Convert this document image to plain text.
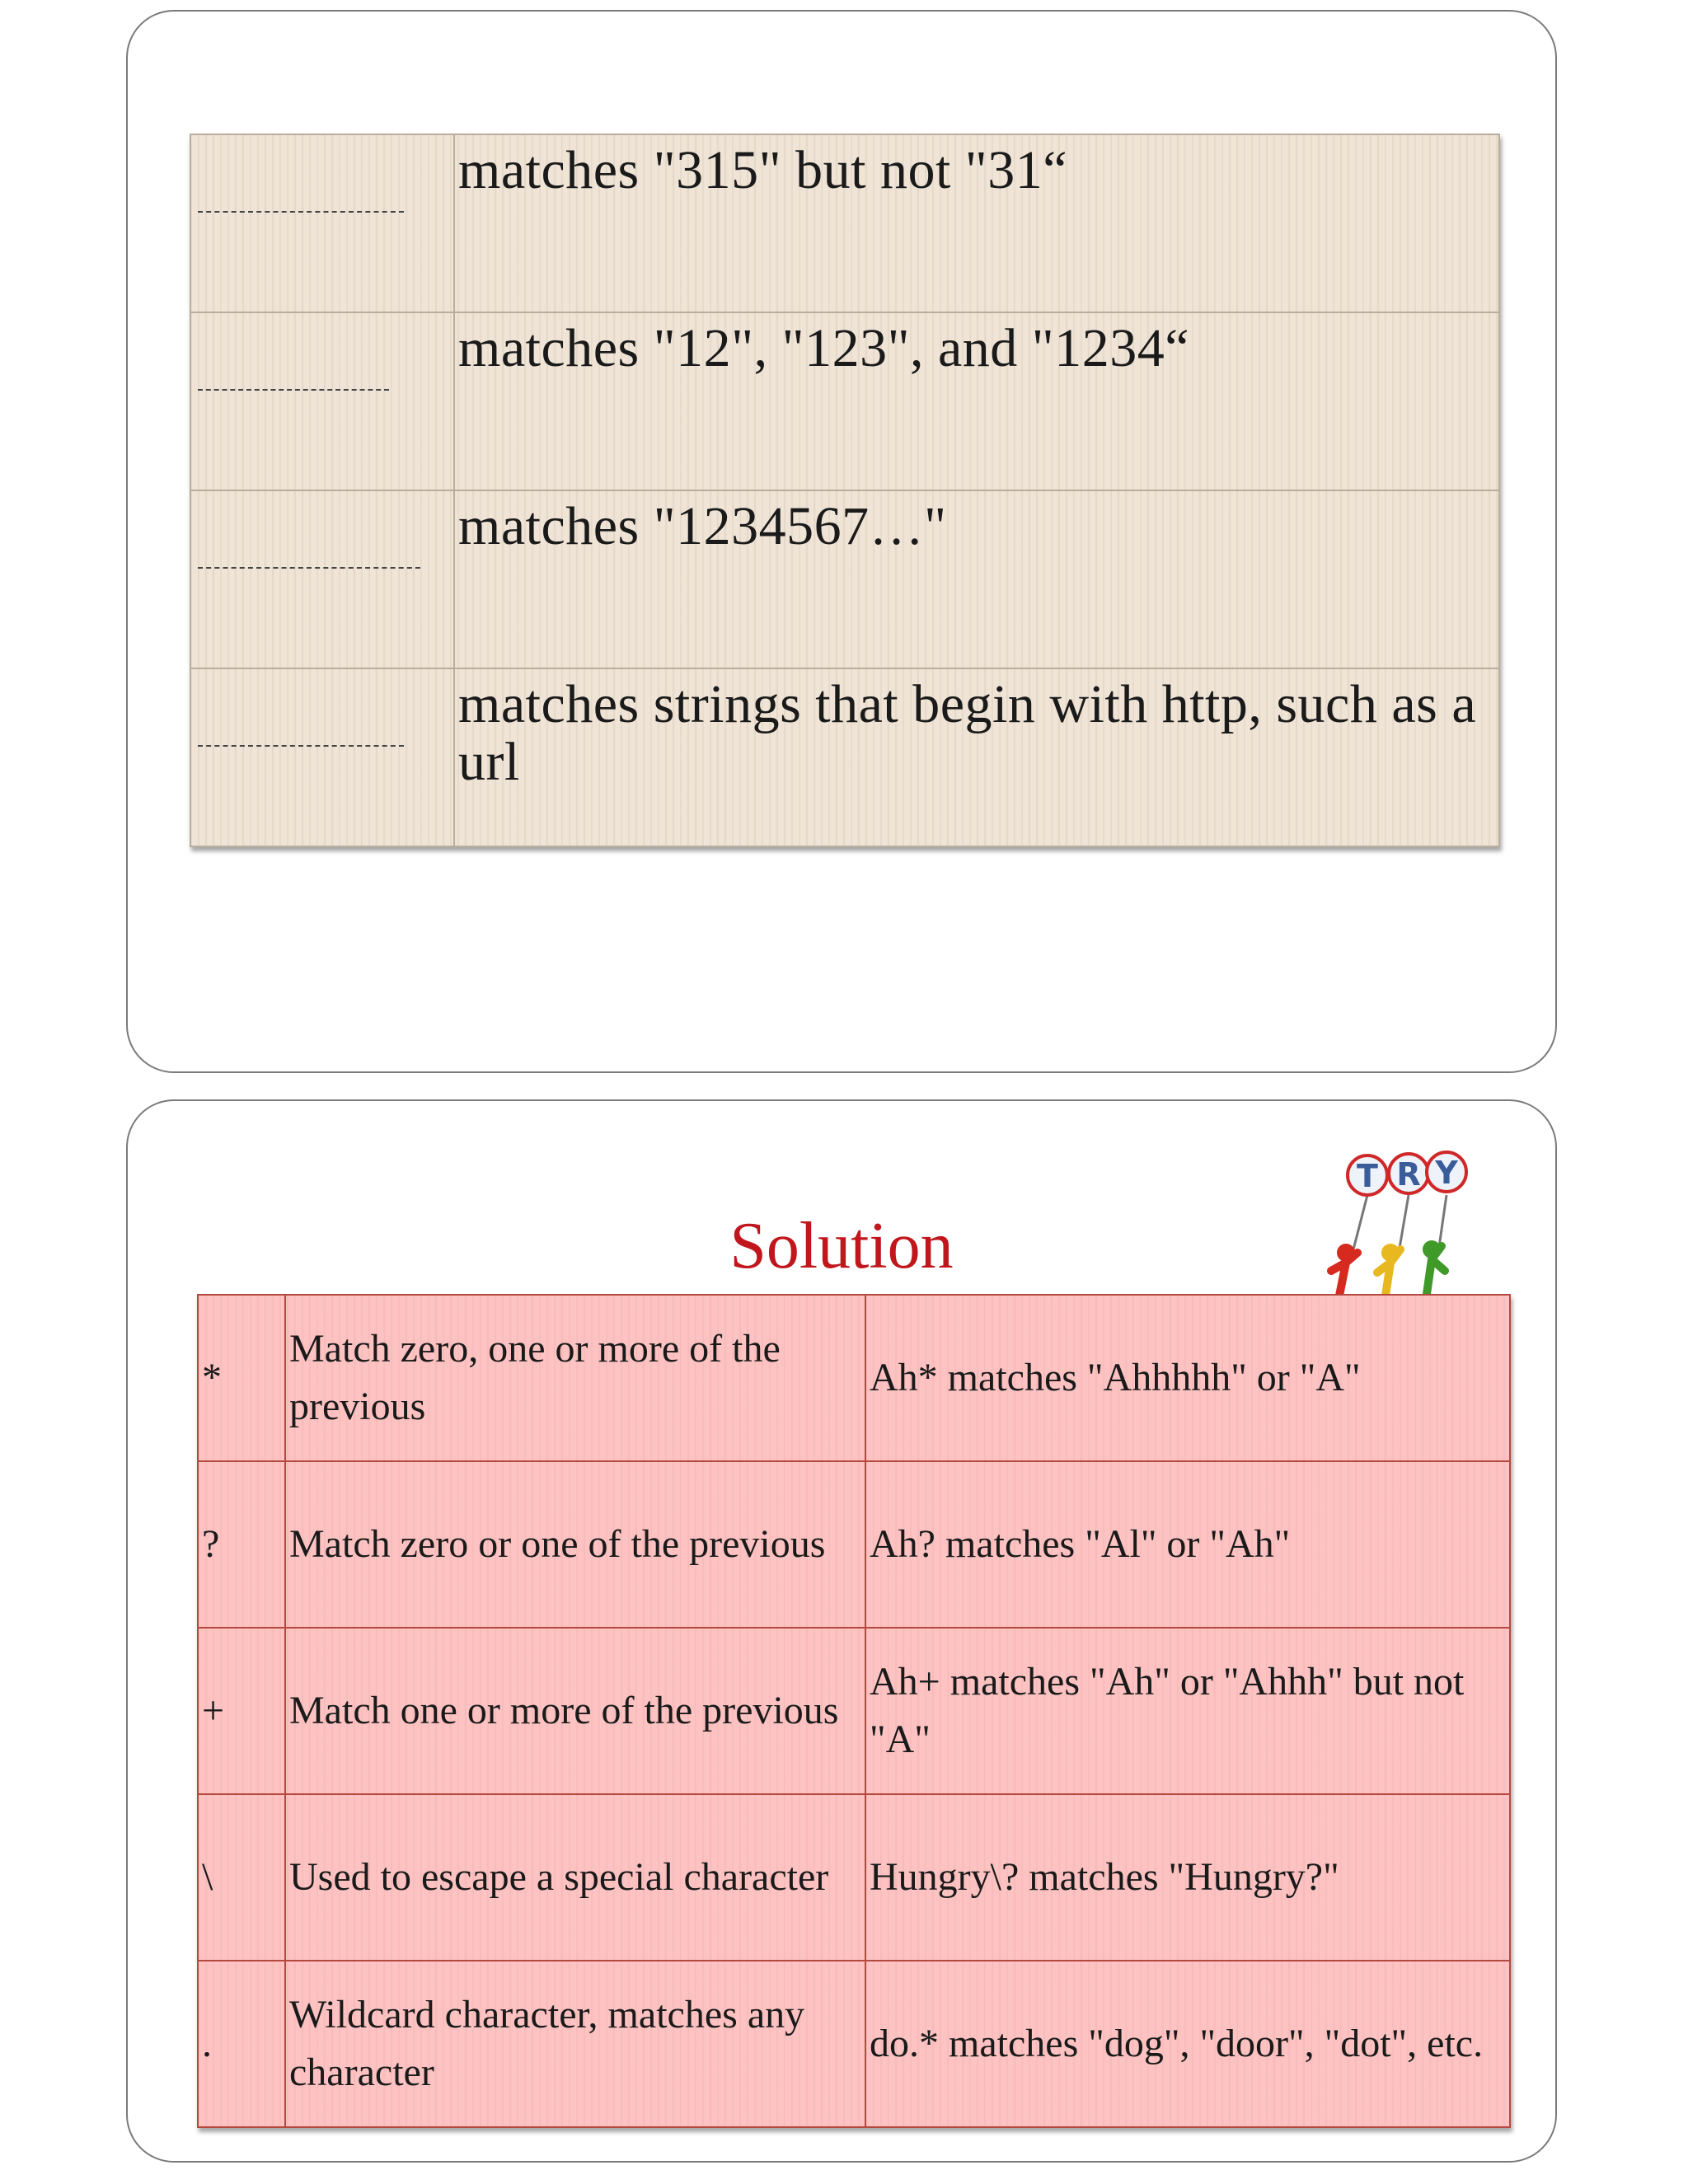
	matches "315" but not "31“

	matches "12", "123", and "1234“

	matches "1234567…"

	matches strings that begin with http, such as a url
Solution
T R Y
*	Match zero, one or more of the previous	Ah* matches "Ahhhhh" or "A"
?	Match zero or one of the previous	Ah? matches "Al" or "Ah"
+	Match one or more of the previous	Ah+ matches "Ah" or "Ahhh" but not "A"
\	Used to escape a special character	Hungry\? matches "Hungry?"
.	Wildcard character, matches any character	do.* matches "dog", "door", "dot", etc.
